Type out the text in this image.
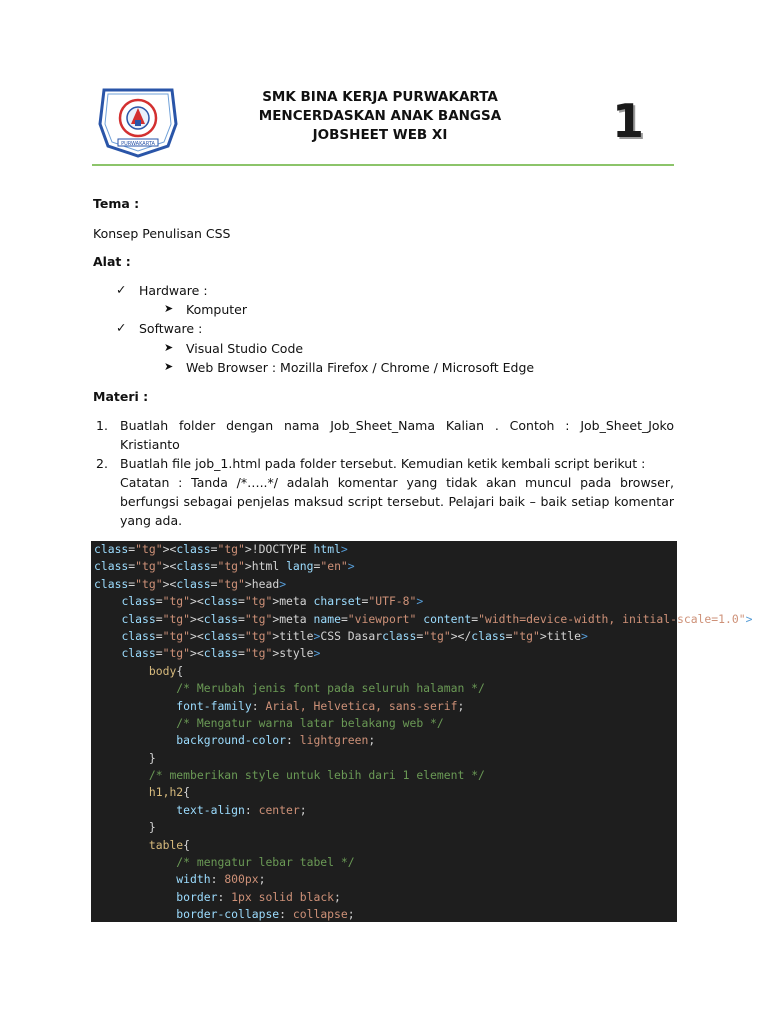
PURWAKARTA
SMK BINA KERJA PURWAKARTA
MENCERDASKAN ANAK BANGSA
JOBSHEET WEB XI	1
Tema :
Konsep Penulisan CSS
Alat :
✓ Hardware :
➤ Komputer
✓ Software :
➤ Visual Studio Code
➤ Web Browser : Mozilla Firefox / Chrome / Microsoft Edge
Materi :
1. Buatlah folder dengan nama Job_Sheet_Nama Kalian . Contoh : Job_Sheet_Joko
Kristianto
2. Buatlah file job_1.html pada folder tersebut. Kemudian ketik kembali script berikut :
Catatan : Tanda /*…..*/ adalah komentar yang tidak akan muncul pada browser,
berfungsi sebagai penjelas maksud script tersebut. Pelajari baik – baik setiap komentar
yang ada.
class="tg"><class="tg">!DOCTYPE html>
class="tg"><class="tg">html lang="en">
class="tg"><class="tg">head>
class="tg"><class="tg">meta charset="UTF-8">
class="tg"><class="tg">meta name="viewport" content="width=device-width, initial-scale=1.0">
class="tg"><class="tg">title>CSS Dasarclass="tg"></class="tg">title>
class="tg"><class="tg">style>
body{
/* Merubah jenis font pada seluruh halaman */
font-family: Arial, Helvetica, sans-serif;
/* Mengatur warna latar belakang web */
background-color: lightgreen;
}
/* memberikan style untuk lebih dari 1 element */
h1,h2{
text-align: center;
}
table{
/* mengatur lebar tabel */
width: 800px;
border: 1px solid black;
border-collapse: collapse;
